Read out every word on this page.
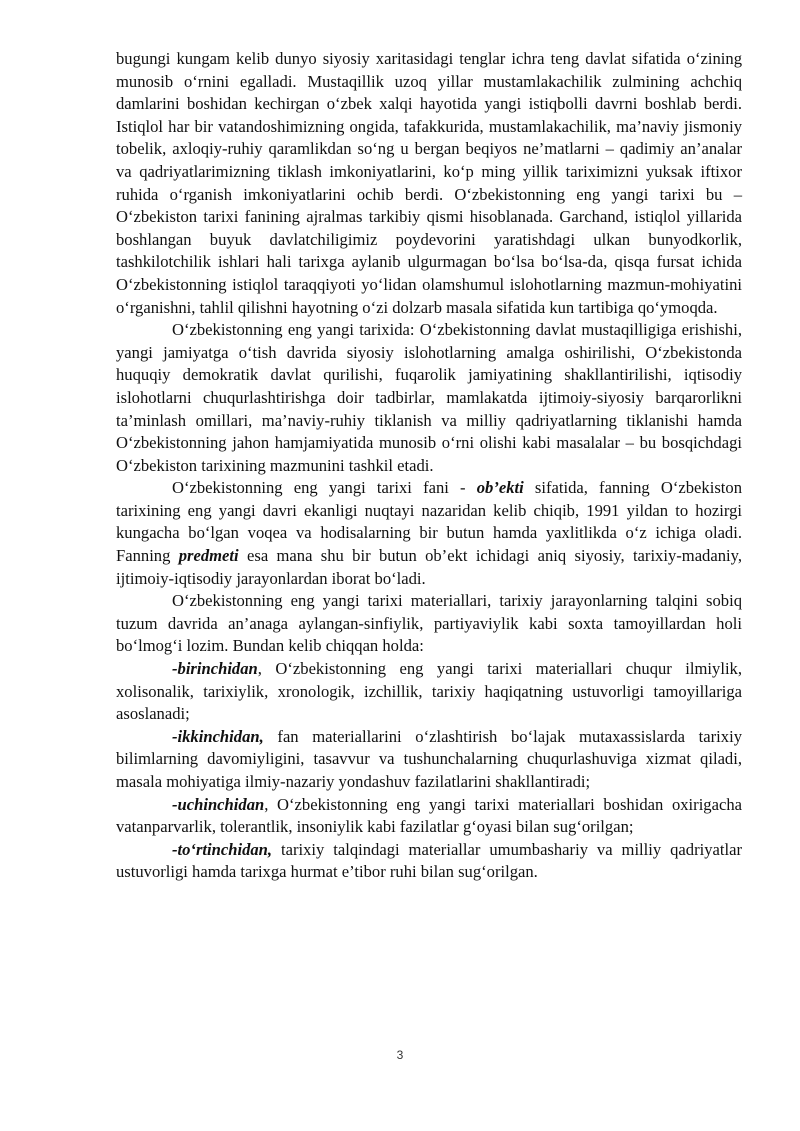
bugungi kungam kelib dunyo siyosiy xaritasidagi tenglar ichra teng davlat sifatida o‘zining munosib o‘rnini egalladi. Mustaqillik uzoq yillar mustamlakachilik zulmining achchiq damlarini boshidan kechirgan o‘zbek xalqi hayotida yangi istiqbolli davrni boshlab berdi. Istiqlol har bir vatandoshimizning ongida, tafakkurida, mustamlakachilik, ma’naviy jismoniy tobelik, axloqiy-ruhiy qaramlikdan so‘ng u bergan beqiyos ne’matlarni – qadimiy an’analar va qadriyatlarimizning tiklash imkoniyatlarini, ko‘p ming yillik tariximizni yuksak iftixor ruhida o‘rganish imkoniyatlarini ochib berdi. O‘zbekistonning eng yangi tarixi bu – O‘zbekiston tarixi fanining ajralmas tarkibiy qismi hisoblanada. Garchand, istiqlol yillarida boshlangan buyuk davlatchiligimiz poydevorini yaratishdagi ulkan bunyodkorlik, tashkilotchilik ishlari hali tarixga aylanib ulgurmagan bo‘lsa bo‘lsa-da, qisqa fursat ichida O‘zbekistonning istiqlol taraqqiyoti yo‘lidan olamshumul islohotlarning mazmun-mohiyatini o‘rganishni, tahlil qilishni hayotning o‘zi dolzarb masala sifatida kun tartibiga qo‘ymoqda.

O‘zbekistonning eng yangi tarixida: O‘zbekistonning davlat mustaqilligiga erishishi, yangi jamiyatga o‘tish davrida siyosiy islohotlarning amalga oshirilishi, O‘zbekistonda huquqiy demokratik davlat qurilishi, fuqarolik jamiyatining shakllantirilishi, iqtisodiy islohotlarni chuqurlashtirishga doir tadbirlar, mamlakatda ijtimoiy-siyosiy barqarorlikni ta’minlash omillari, ma’naviy-ruhiy tiklanish va milliy qadriyatlarning tiklanishi hamda O‘zbekistonning jahon hamjamiyatida munosib o‘rni olishi kabi masalalar – bu bosqichdagi O‘zbekiston tarixining mazmunini tashkil etadi.

O‘zbekistonning eng yangi tarixi fani - ob’ekti sifatida, fanning O‘zbekiston tarixining eng yangi davri ekanligi nuqtayi nazaridan kelib chiqib, 1991 yildan to hozirgi kungacha bo‘lgan voqea va hodisalarning bir butun hamda yaxlitlikda o‘z ichiga oladi. Fanning predmeti esa mana shu bir butun ob’ekt ichidagi aniq siyosiy, tarixiy-madaniy, ijtimoiy-iqtisodiy jarayonlardan iborat bo‘ladi.

O‘zbekistonning eng yangi tarixi materiallari, tarixiy jarayonlarning talqini sobiq tuzum davrida an’anaga aylangan-sinfiylik, partiyaviylik kabi soxta tamoyillardan holi bo‘lmog‘i lozim. Bundan kelib chiqqan holda:

-birinchidan, O‘zbekistonning eng yangi tarixi materiallari chuqur ilmiylik, xolisonalik, tarixiylik, xronologik, izchillik, tarixiy haqiqatning ustuvorligi tamoyillariga asoslanadi;

-ikkinchidan, fan materiallarini o‘zlashtirish bo‘lajak mutaxassislarda tarixiy bilimlarning davomiyligini, tasavvur va tushunchalarning chuqurlashuviga xizmat qiladi, masala mohiyatiga ilmiy-nazariy yondashuv fazilatlarini shakllantiradi;

-uchinchidan, O‘zbekistonning eng yangi tarixi materiallari boshidan oxirigacha vatanparvarlik, tolerantlik, insoniylik kabi fazilatlar g‘oyasi bilan sug‘orilgan;

-to‘rtinchidan, tarixiy talqindagi materiallar umumbashariy va milliy qadriyatlar ustuvorligi hamda tarixga hurmat e’tibor ruhi bilan sug‘orilgan.

3
